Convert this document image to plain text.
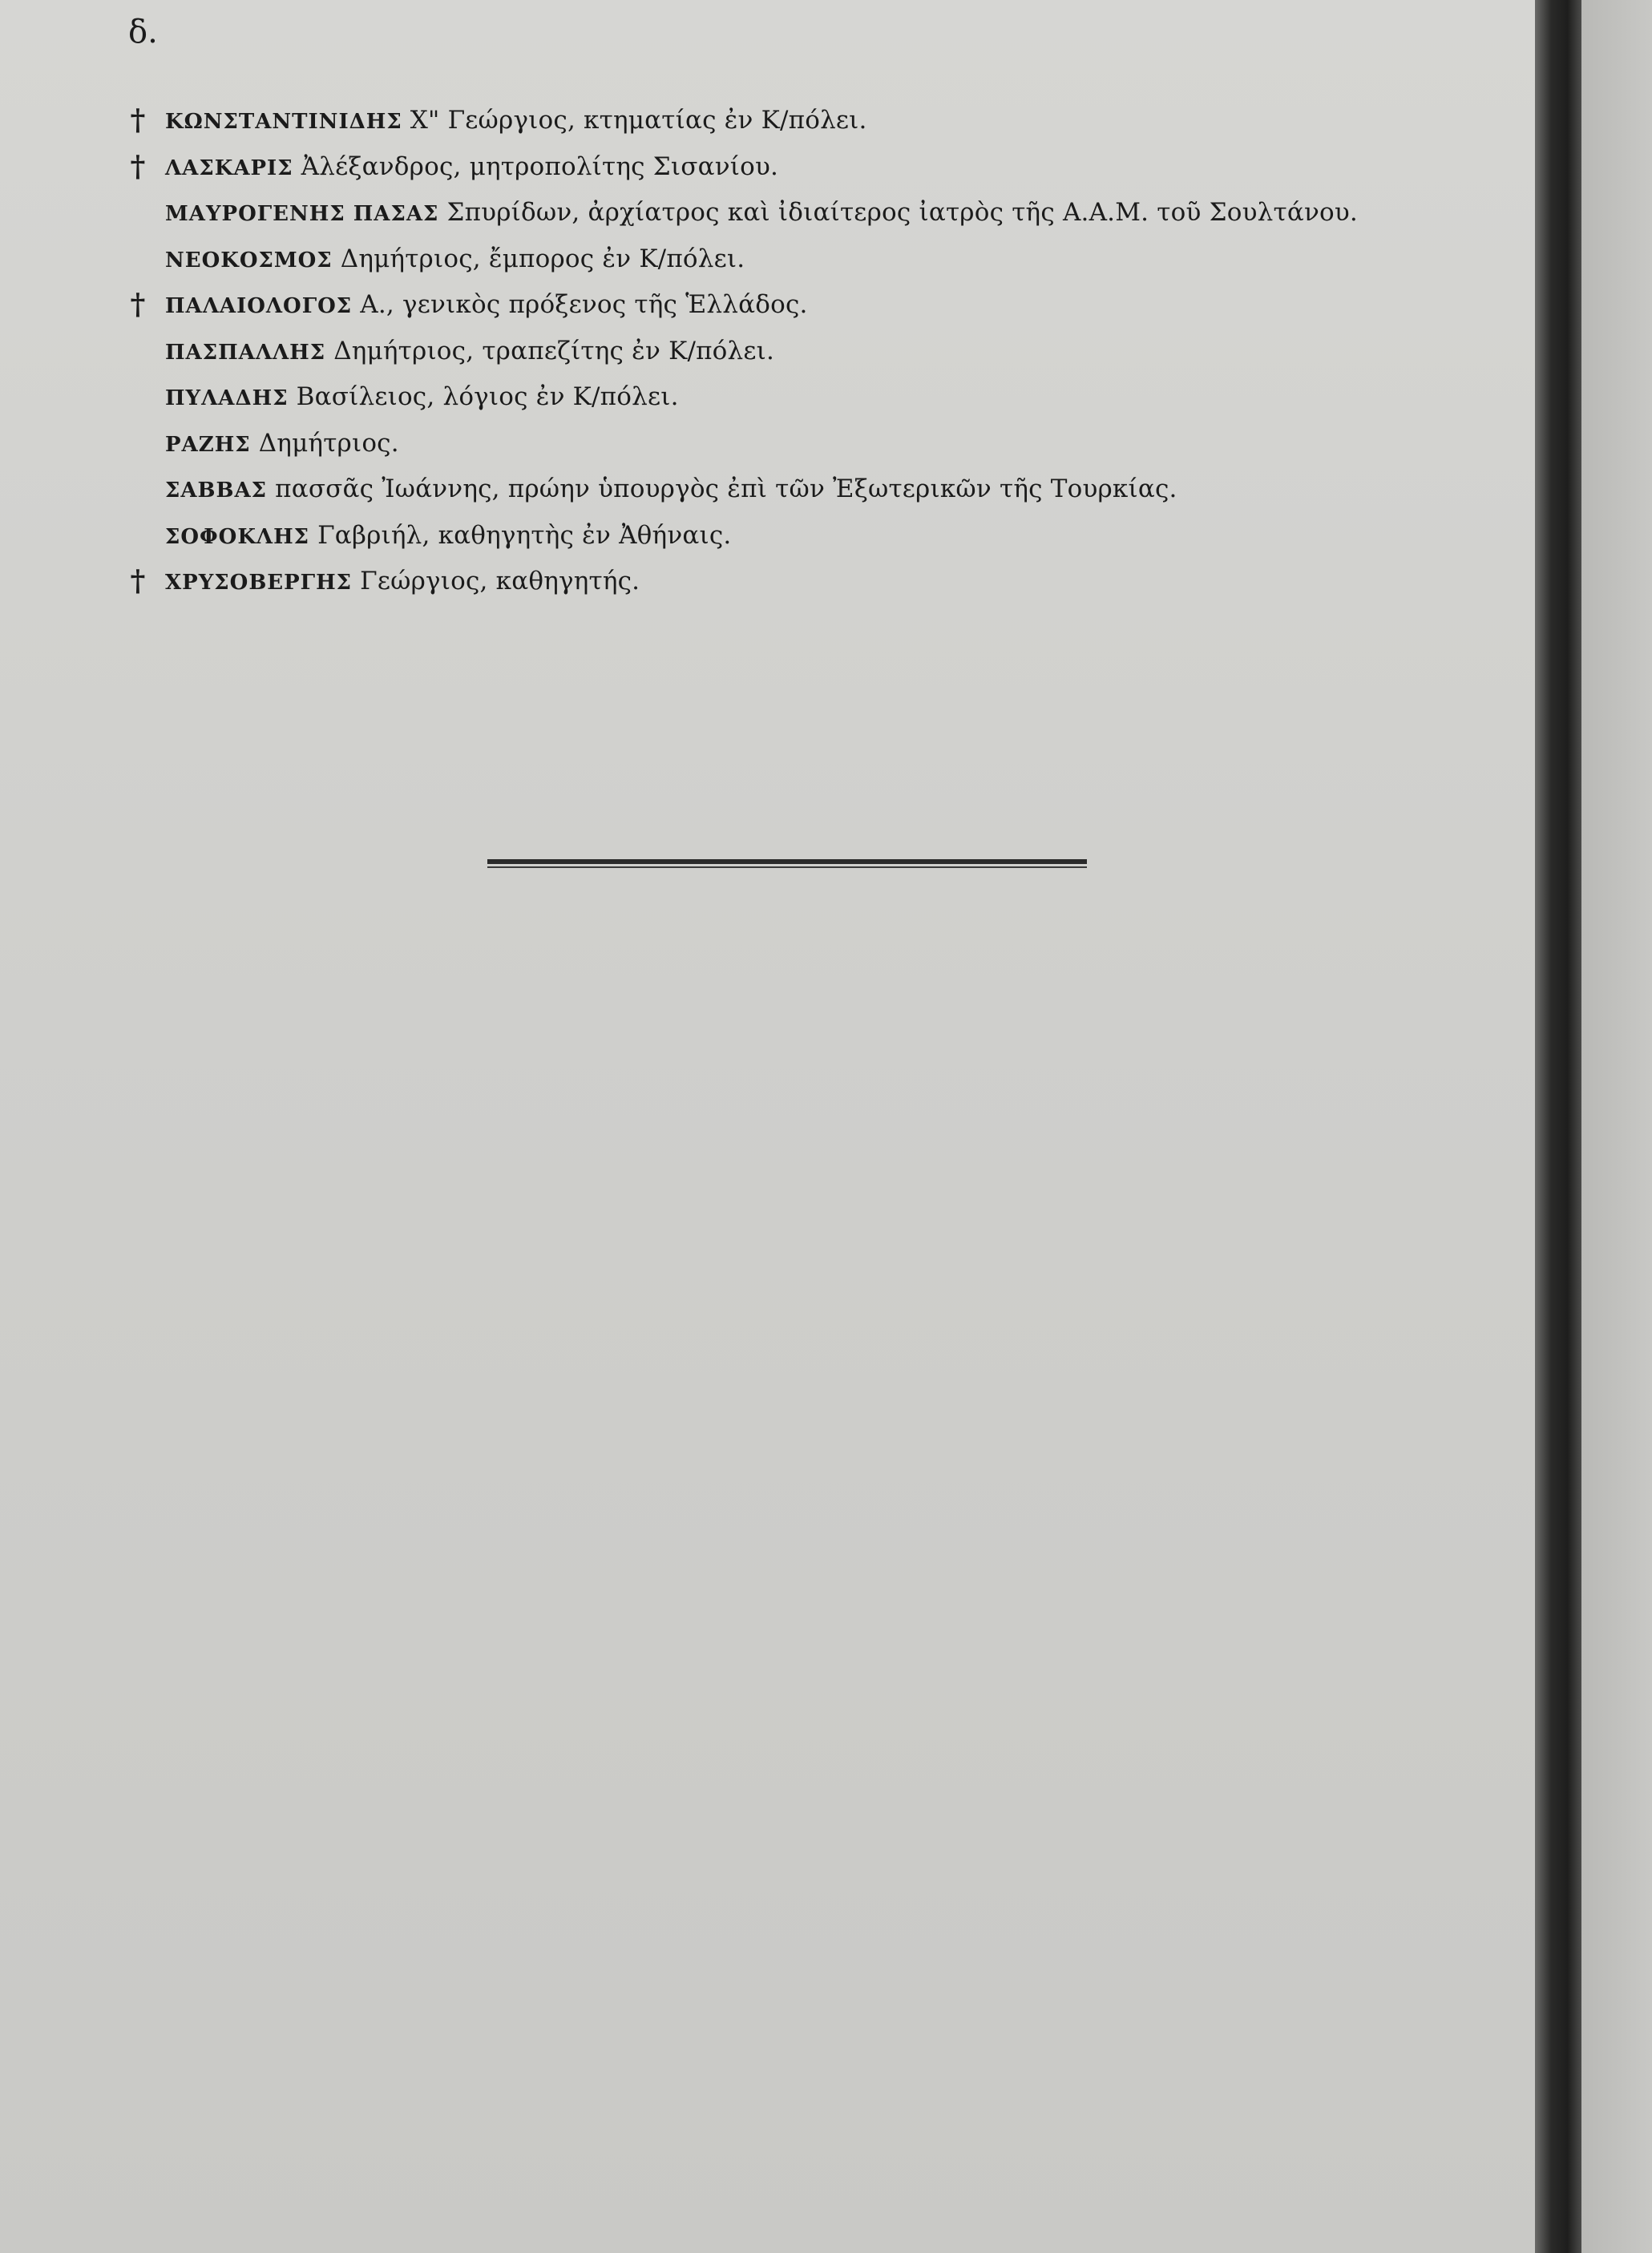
δ.
† ΚΩΝΣΤΑΝΤΙΝΙΔΗΣ Χ" Γεώργιος, κτηματίας ἐν Κ/πόλει.
† ΛΑΣΚΑΡΙΣ Ἀλέξανδρος, μητροπολίτης Σισανίου.
ΜΑΥΡΟΓΕΝΗΣ ΠΑΣΑΣ Σπυρίδων, ἀρχίατρος καὶ ἰδιαίτερος ἰατρὸς τῆς Α.Α.Μ. τοῦ Σουλτάνου.
ΝΕΟΚΟΣΜΟΣ Δημήτριος, ἔμπορος ἐν Κ/πόλει.
† ΠΑΛΑΙΟΛΟΓΟΣ Α., γενικὸς πρόξενος τῆς Ἑλλάδος.
ΠΑΣΠΑΛΛΗΣ Δημήτριος, τραπεζίτης ἐν Κ/πόλει.
ΠΥΛΑΔΗΣ Βασίλειος, λόγιος ἐν Κ/πόλει.
ΡΑΖΗΣ Δημήτριος.
ΣΑΒΒΑΣ πασσᾶς Ἰωάννης, πρώην ὑπουργὸς ἐπὶ τῶν Ἐξωτερικῶν τῆς Τουρκίας.
ΣΟΦΟΚΛΗΣ Γαβριήλ, καθηγητὴς ἐν Ἀθήναις.
† ΧΡΥΣΟΒΕΡΓΗΣ Γεώργιος, καθηγητής.
